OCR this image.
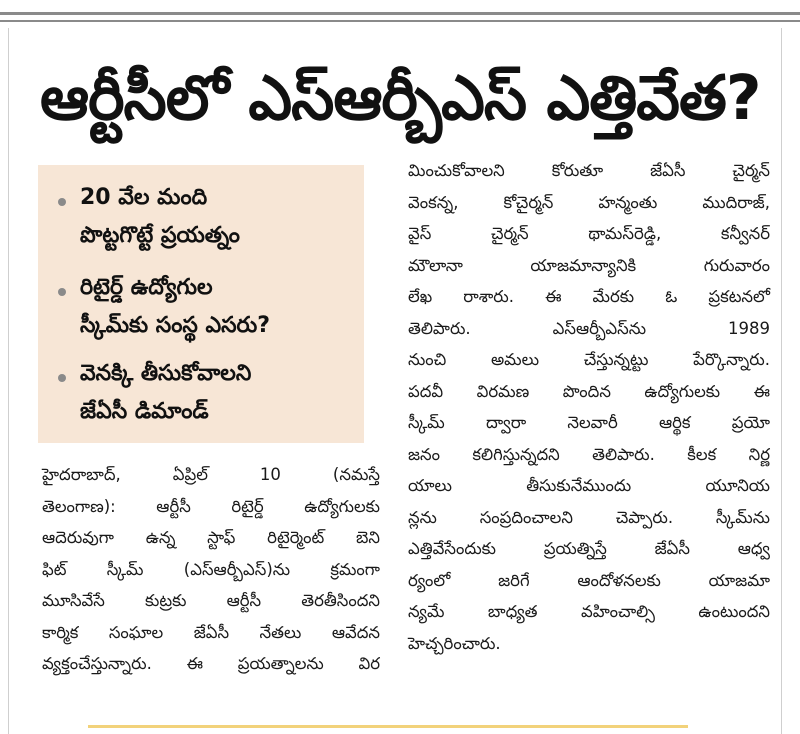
ఆర్టీసీలో ఎస్ఆర్బీఎస్ ఎత్తివేత?
20 వేల మంది
పొట్టగొట్టే ప్రయత్నం
రిటైర్డ్ ఉద్యోగుల
స్కీమ్‌కు సంస్థ ఎసరు?
వెనక్కి తీసుకోవాలని
జేఏసీ డిమాండ్
హైదరాబాద్, ఏప్రిల్ 10 (నమస్తే
తెలంగాణ): ఆర్టీసీ రిటైర్డ్ ఉద్యోగులకు
ఆదెరువుగా ఉన్న స్టాఫ్ రిటైర్మెంట్ బెని
ఫిట్ స్కీమ్ (ఎస్ఆర్బీఎస్)ను క్రమంగా
మూసివేసే కుట్రకు ఆర్టీసీ తెరతీసిందని
కార్మిక సంఘాల జేఏసీ నేతలు ఆవేదన
వ్యక్తంచేస్తున్నారు. ఈ ప్రయత్నాలను విర
మించుకోవాలని కోరుతూ జేఏసీ చైర్మన్
వెంకన్న, కోచైర్మన్ హన్మంతు ముదిరాజ్,
వైస్ చైర్మన్ థామస్‌రెడ్డి, కన్వీనర్
మౌలానా యాజమాన్యానికి గురువారం
లేఖ రాశారు. ఈ మేరకు ఓ ప్రకటనలో
తెలిపారు. ఎస్ఆర్బీఎస్‌ను 1989
నుంచి అమలు చేస్తున్నట్టు పేర్కొన్నారు.
పదవీ విరమణ పొందిన ఉద్యోగులకు ఈ
స్కీమ్ ద్వారా నెలవారీ ఆర్థిక ప్రయో
జనం కలిగిస్తున్నదని తెలిపారు. కీలక నిర్ణ
యాలు తీసుకునేముందు యూనియ
న్లను సంప్రదించాలని చెప్పారు. స్కీమ్‌ను
ఎత్తివేసేందుకు ప్రయత్నిస్తే జేఏసీ ఆధ్వ
ర్యంలో జరిగే ఆందోళనలకు యాజమా
న్యమే బాధ్యత వహించాల్సి ఉంటుందని
హెచ్చరించారు.
